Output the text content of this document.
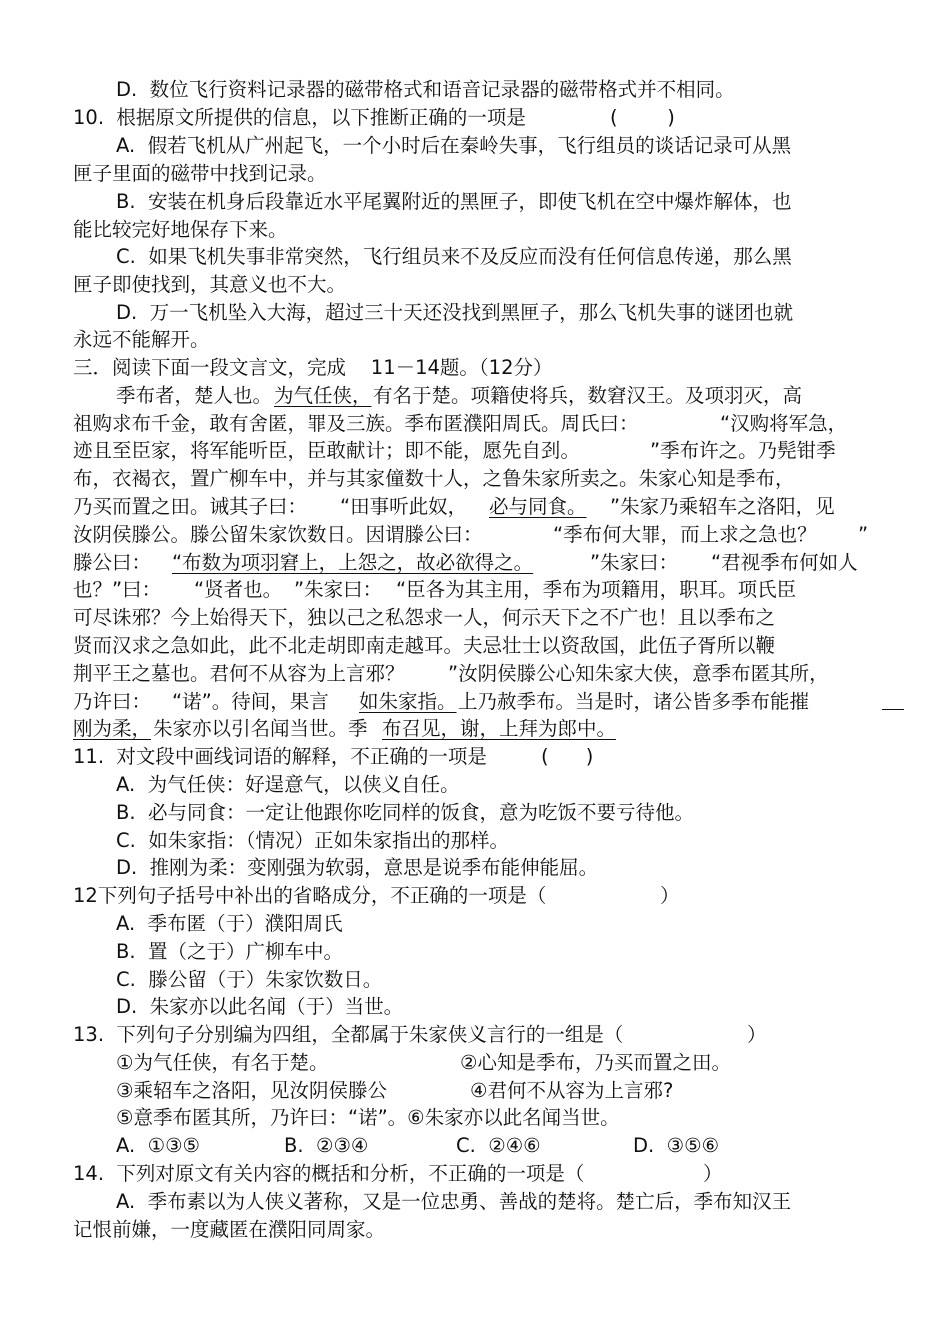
D.  数位飞行资料记录器的磁带格式和语音记录器的磁带格式并不相同。

10.  根据原文所提供的信息，以下推断正确的一项是

	(        )

A.  假若飞机从广州起飞，一个小时后在秦岭失事，飞行组员的谈话记录可从黑
匣子里面的磁带中找到记录。
B.  安装在机身后段靠近水平尾翼附近的黑匣子，即使飞机在空中爆炸解体，也
能比较完好地保存下来。
C.  如果飞机失事非常突然，飞行组员来不及反应而没有任何信息传递，那么黑
匣子即使找到，其意义也不大。
D.  万一飞机坠入大海，超过三十天还没找到黑匣子，那么飞机失事的谜团也就
永远不能解开。
三．阅读下面一段文言文，完成    11－14题。（12分）

季布者，楚人也。

为气任侠，

有名于楚。项籍使将兵，数窘汉王。及项羽灭，高

祖购求布千金，敢有舍匿，罪及三族。季布匿濮阳周氏。周氏曰：

	“汉购将军急，

迹且至臣家，将军能听臣，臣敢献计；即不能，愿先自刭。

	”季布许之。乃髡钳季

布，衣褐衣，置广柳车中，并与其家僮数十人，之鲁朱家所卖之。朱家心知是季布，

乃买而置之田。诫其子曰：

“田事听此奴，

必与同食。

”朱家乃乘轺车之洛阳，见

汝阴侯滕公。滕公留朱家饮数日。因谓滕公曰：

	“季布何大罪，而上求之急也？

”

滕公曰：

“布数为项羽窘上，上怨之，故必欲得之。

	”朱家曰：

“君视季布何如人

也？”曰：

“贤者也。

”朱家曰：

“臣各为其主用，季布为项籍用，职耳。项氏臣

可尽诛邪？今上始得天下，独以己之私怨求一人，何示天下之不广也！且以季布之
贤而汉求之急如此，此不北走胡即南走越耳。夫忌壮士以资敌国，此伍子胥所以鞭

荆平王之墓也。君何不从容为上言邪？

”汝阴侯滕公心知朱家大侠，意季布匿其所，

乃许曰：

“诺”。待间，果言

如朱家指。

上乃赦季布。当是时，诸公皆多季布能摧

刚为柔，

朱家亦以引名闻当世。季

布召见，谢，上拜为郎中。

11.  对文段中画线词语的解释，不正确的一项是

	(      )

A.  为气任侠：好逞意气，以侠义自任。
B.  必与同食：一定让他跟你吃同样的饭食，意为吃饭不要亏待他。
C.  如朱家指：（情况）正如朱家指出的那样。
D.  推刚为柔：变刚强为软弱，意思是说季布能伸能屈。

12下列句子括号中补出的省略成分，不正确的一项是（

	）

A.  季布匿（于）濮阳周氏
B.  置（之于）广柳车中。
C.  滕公留（于）朱家饮数日。
D.  朱家亦以此名闻（于）当世。

13.  下列句子分别编为四组，全都属于朱家侠义言行的一组是（

	）

①为气任侠，有名于楚。

	②心知是季布，乃买而置之田。

③乘轺车之洛阳，见汝阴侯滕公

	④君何不从容为上言邪?

⑤意季布匿其所，乃许曰：“诺”。⑥朱家亦以此名闻当世。

A.  ①③⑤

	B.  ②③④

	C.  ②④⑥

	D.  ③⑤⑥

14.  下列对原文有关内容的概括和分析，不正确的一项是（

	）

A.  季布素以为人侠义著称，又是一位忠勇、善战的楚将。楚亡后，季布知汉王
记恨前嫌，一度藏匿在濮阳同周家。
